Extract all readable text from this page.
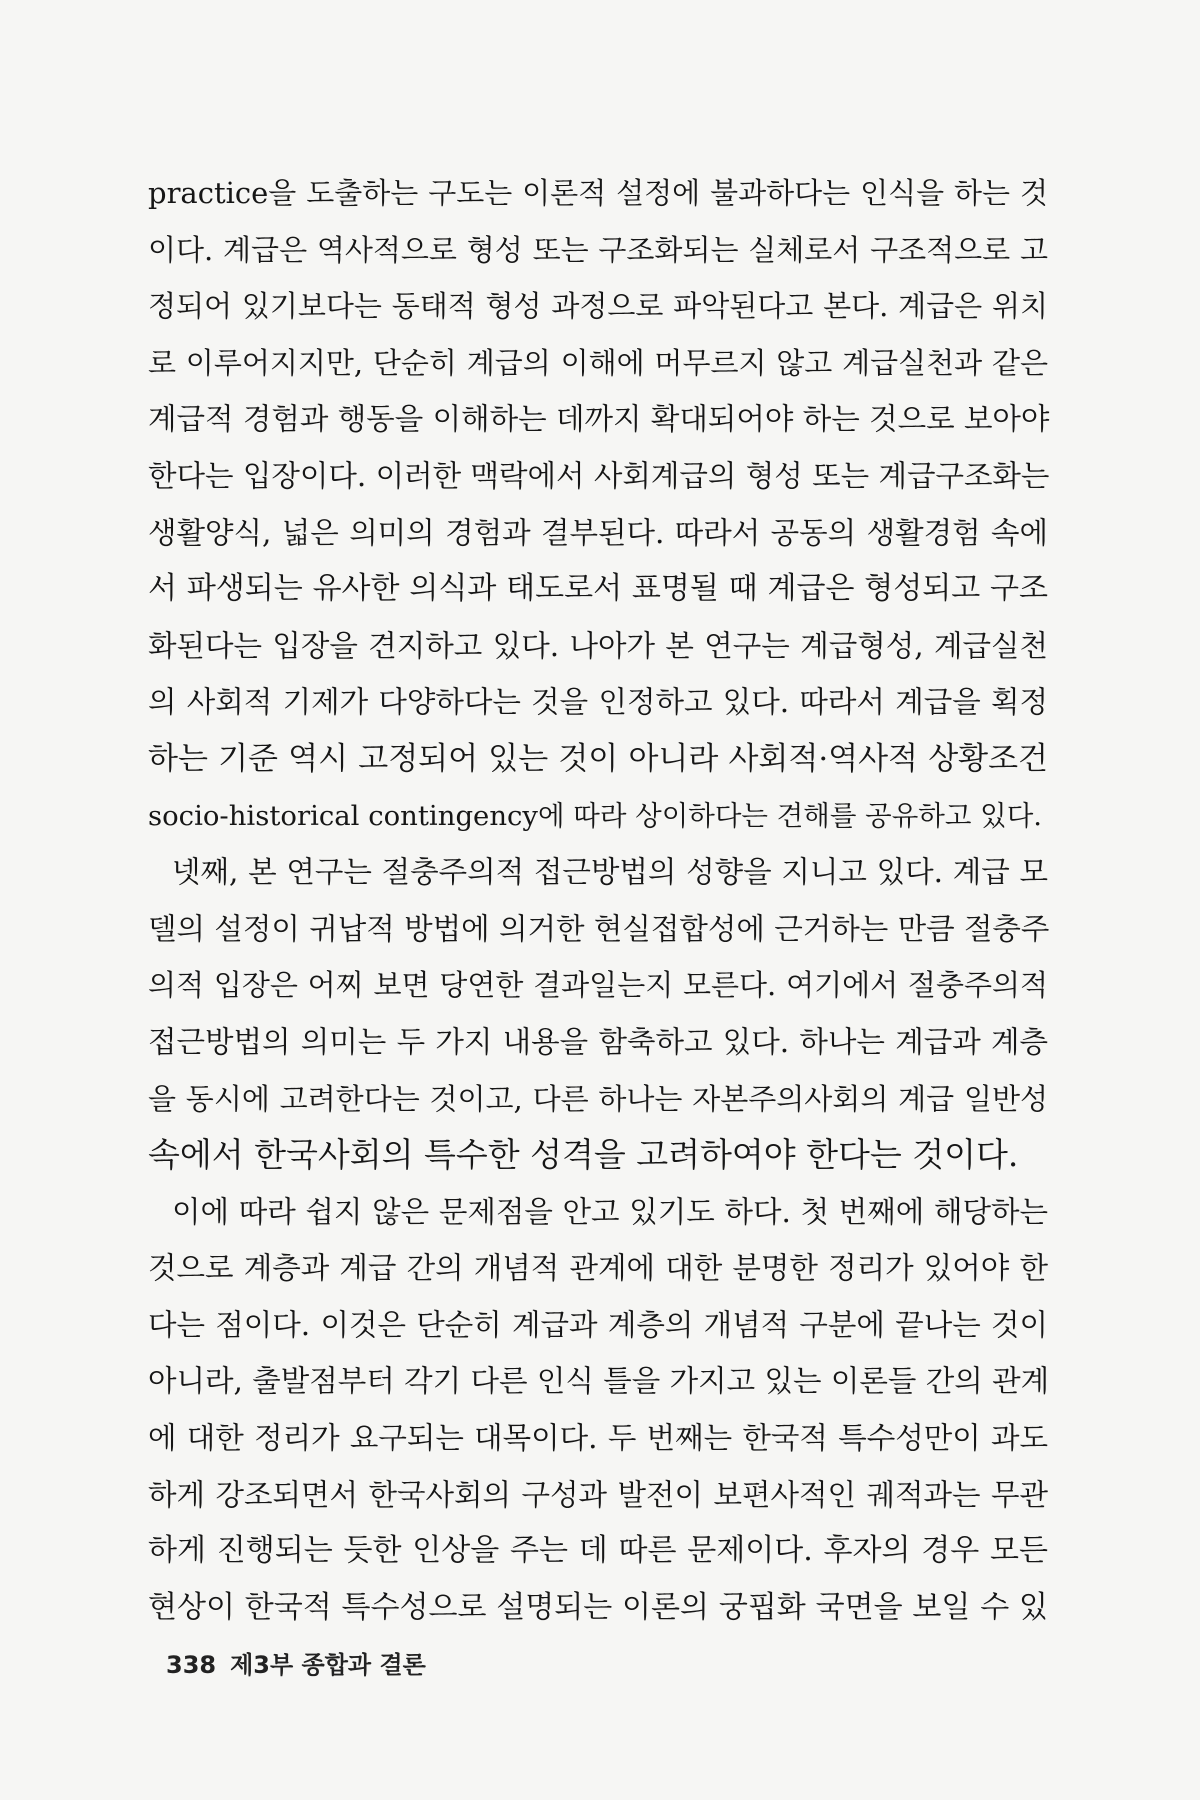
practice을 도출하는 구도는 이론적 설정에 불과하다는 인식을 하는 것
이다. 계급은 역사적으로 형성 또는 구조화되는 실체로서 구조적으로 고
정되어 있기보다는 동태적 형성 과정으로 파악된다고 본다. 계급은 위치
로 이루어지지만, 단순히 계급의 이해에 머무르지 않고 계급실천과 같은
계급적 경험과 행동을 이해하는 데까지 확대되어야 하는 것으로 보아야
한다는 입장이다. 이러한 맥락에서 사회계급의 형성 또는 계급구조화는
생활양식, 넓은 의미의 경험과 결부된다. 따라서 공동의 생활경험 속에
서 파생되는 유사한 의식과 태도로서 표명될 때 계급은 형성되고 구조
화된다는 입장을 견지하고 있다. 나아가 본 연구는 계급형성, 계급실천
의 사회적 기제가 다양하다는 것을 인정하고 있다. 따라서 계급을 획정
하는 기준 역시 고정되어 있는 것이 아니라 사회적·역사적 상황조건
socio-historical contingency에 따라 상이하다는 견해를 공유하고 있다.
넷째, 본 연구는 절충주의적 접근방법의 성향을 지니고 있다. 계급 모
델의 설정이 귀납적 방법에 의거한 현실접합성에 근거하는 만큼 절충주
의적 입장은 어찌 보면 당연한 결과일는지 모른다. 여기에서 절충주의적
접근방법의 의미는 두 가지 내용을 함축하고 있다. 하나는 계급과 계층
을 동시에 고려한다는 것이고, 다른 하나는 자본주의사회의 계급 일반성
속에서 한국사회의 특수한 성격을 고려하여야 한다는 것이다.
이에 따라 쉽지 않은 문제점을 안고 있기도 하다. 첫 번째에 해당하는
것으로 계층과 계급 간의 개념적 관계에 대한 분명한 정리가 있어야 한
다는 점이다. 이것은 단순히 계급과 계층의 개념적 구분에 끝나는 것이
아니라, 출발점부터 각기 다른 인식 틀을 가지고 있는 이론들 간의 관계
에 대한 정리가 요구되는 대목이다. 두 번째는 한국적 특수성만이 과도
하게 강조되면서 한국사회의 구성과 발전이 보편사적인 궤적과는 무관
하게 진행되는 듯한 인상을 주는 데 따른 문제이다. 후자의 경우 모든
현상이 한국적 특수성으로 설명되는 이론의 궁핍화 국면을 보일 수 있
338 제3부 종합과 결론
